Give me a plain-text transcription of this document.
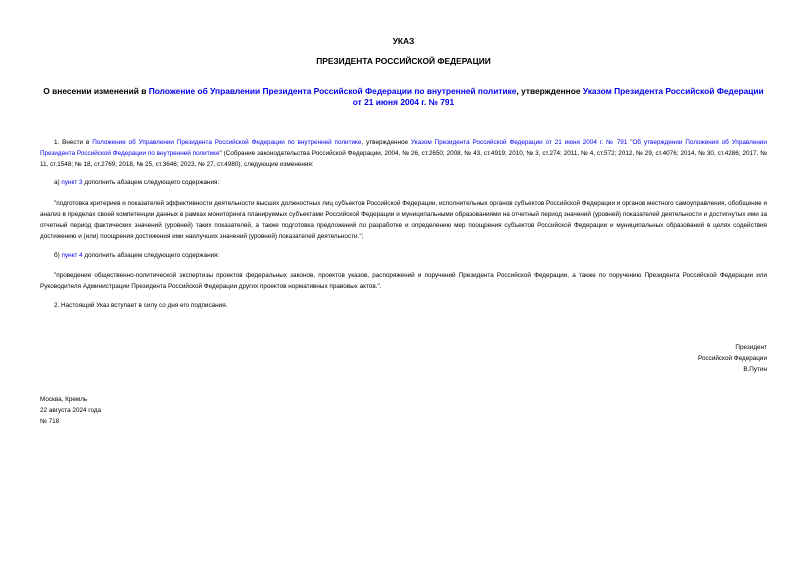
УКАЗ
ПРЕЗИДЕНТА РОССИЙСКОЙ ФЕДЕРАЦИИ
О внесении изменений в Положение об Управлении Президента Российской Федерации по внутренней политике, утвержденное Указом Президента Российской Федерации от 21 июня 2004 г. № 791
1. Внести в Положение об Управлении Президента Российской Федерации по внутренней политике, утвержденное Указом Президента Российской Федерации от 21 июня 2004 г. № 791 "Об утверждении Положения об Управлении Президента Российской Федерации по внутренней политике" (Собрание законодательства Российской Федерации, 2004, № 26, ст.2650; 2008, № 43, ст.4919; 2010, № 3, ст.274; 2011, № 4, ст.572; 2012, № 29, ст.4076; 2014, № 30, ст.4286; 2017, № 11, ст.1548; № 18, ст.2769; 2018, № 25, ст.3646; 2023, № 27, ст.4980), следующие изменения:
а) пункт 3 дополнить абзацем следующего содержания:
"подготовка критериев и показателей эффективности деятельности высших должностных лиц субъектов Российской Федерации, исполнительных органов субъектов Российской Федерации и органов местного самоуправления, обобщение и анализ в пределах своей компетенции данных в рамках мониторинга планируемых субъектами Российской Федерации и муниципальными образованиями на отчетный период значений (уровней) показателей деятельности и достигнутых ими за отчетный период фактических значений (уровней) таких показателей, а также подготовка предложений по разработке и определению мер поощрения субъектов Российской Федерации и муниципальных образований в целях содействия достижению и (или) поощрения достижения ими наилучших значений (уровней) показателей деятельности.";
б) пункт 4 дополнить абзацем следующего содержания:
"проведение общественно-политической экспертизы проектов федеральных законов, проектов указов, распоряжений и поручений Президента Российской Федерации, а также по поручению Президента Российской Федерации или Руководителя Администрации Президента Российской Федерации других проектов нормативных правовых актов.".
2. Настоящий Указ вступает в силу со дня его подписания.
Президент
Российской Федерации
В.Путин
Москва, Кремль
22 августа 2024 года
№ 718
